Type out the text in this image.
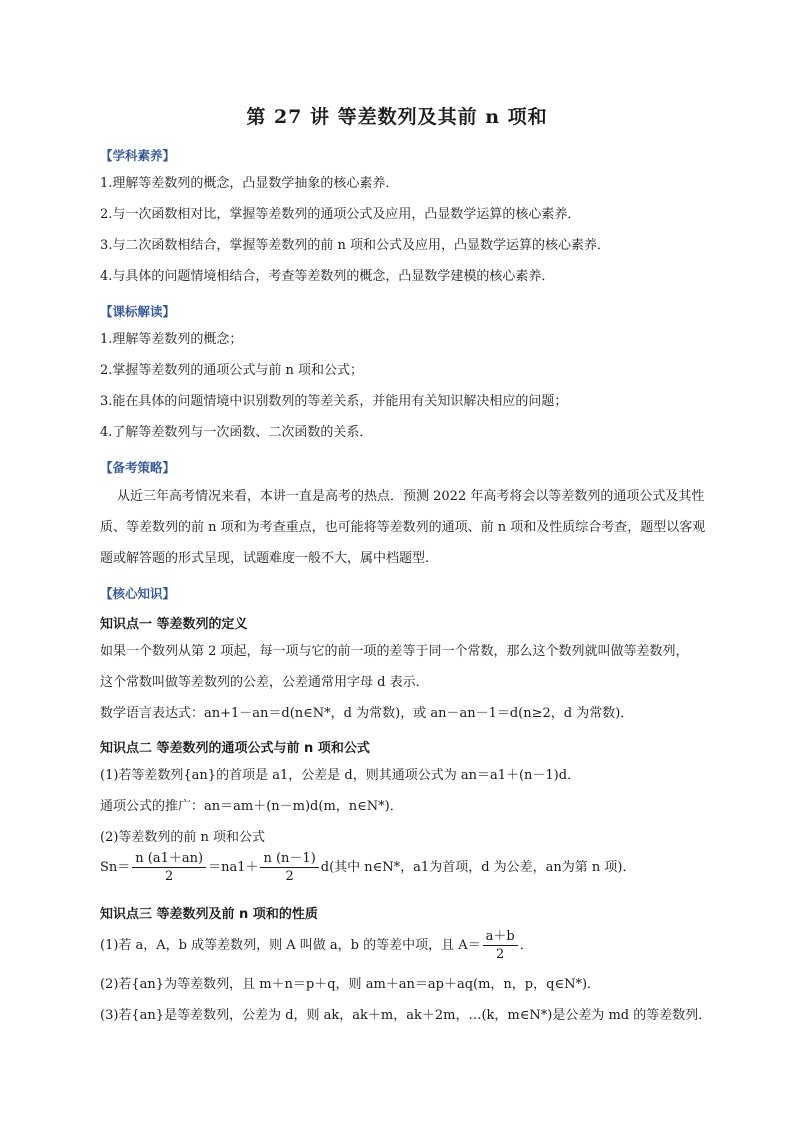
第 27 讲 等差数列及其前 n 项和
【学科素养】
1.理解等差数列的概念，凸显数学抽象的核心素养．
2.与一次函数相对比，掌握等差数列的通项公式及应用，凸显数学运算的核心素养．
3.与二次函数相结合，掌握等差数列的前 n 项和公式及应用，凸显数学运算的核心素养．
4.与具体的问题情境相结合，考查等差数列的概念，凸显数学建模的核心素养．
【课标解读】
1.理解等差数列的概念；
2.掌握等差数列的通项公式与前 n 项和公式；
3.能在具体的问题情境中识别数列的等差关系，并能用有关知识解决相应的问题；
4.了解等差数列与一次函数、二次函数的关系．
【备考策略】
从近三年高考情况来看，本讲一直是高考的热点．预测 2022 年高考将会以等差数列的通项公式及其性
质、等差数列的前 n 项和为考查重点，也可能将等差数列的通项、前 n 项和及性质综合考查，题型以客观
题或解答题的形式呈现，试题难度一般不大，属中档题型.
【核心知识】
知识点一 等差数列的定义
如果一个数列从第 2 项起，每一项与它的前一项的差等于同一个常数，那么这个数列就叫做等差数列，
这个常数叫做等差数列的公差，公差通常用字母 d 表示．
数学语言表达式：an+1－an＝d(n∈N*，d 为常数)，或 an－an－1＝d(n≥2，d 为常数)．
知识点二 等差数列的通项公式与前 n 项和公式
(1)若等差数列{an}的首项是 a1，公差是 d，则其通项公式为 an＝a1＋(n－1)d．
通项公式的推广：an＝am＋(n－m)d(m，n∈N*)．
(2)等差数列的前 n 项和公式
$Sn= \frac{n (a1+an)}{2} =na1+ \frac{n (n-1)}{2} d$(其中 n∈N*，a1为首项，d 为公差，an为第 n 项)．
知识点三 等差数列及前 n 项和的性质
(1)若 a，A，b 成等差数列，则 A 叫做 a，b 的等差中项，且 $A= \frac{a+b}{2}$ ．
(2)若{an}为等差数列，且 m＋n＝p＋q，则 am＋an＝ap＋aq(m，n，p，q∈N*)．
(3)若{an}是等差数列，公差为 d，则 ak，ak＋m，ak＋2m，…(k，m∈N*)是公差为 md 的等差数列．
